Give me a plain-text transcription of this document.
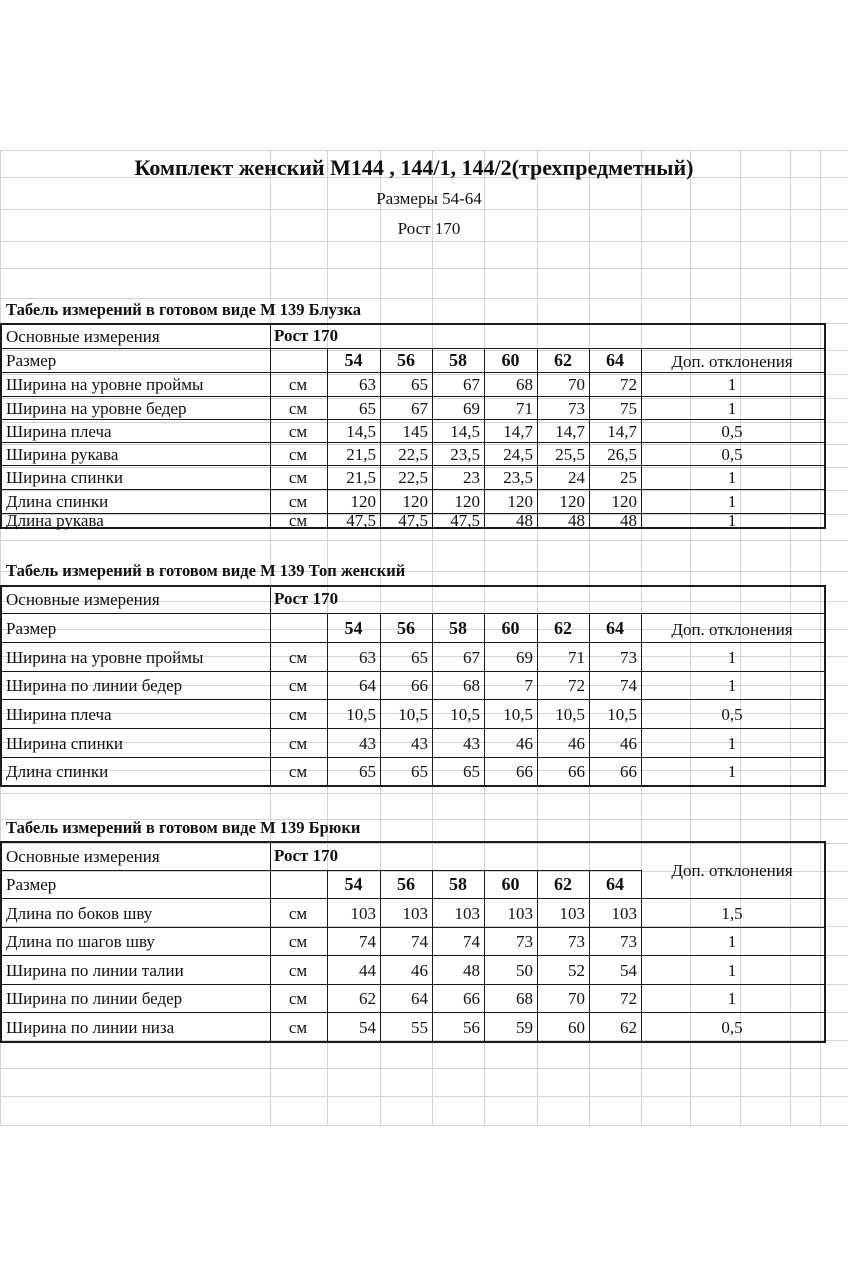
Комплект женский М144 , 144/1, 144/2(трехпредметный)
Размеры 54-64
Рост 170
Табель измерений в готовом виде М 139 Блузка
Основные измерения	Рост 170
Размер	54 56 58 60 62 64	Доп. отклонения
Ширина на уровне проймы	см	63 65 67 68 70 72	1
Ширина на уровне бедер	см	65 67 69 71 73 75	1
Ширина плеча	см 14,5 145 14,5 14,7 14,7 14,7	0,5
Ширина рукава	см 21,5 22,5 23,5 24,5 25,5 26,5	0,5
Ширина спинки	см 21,5 22,5 23 23,5 24 25	1
Длина спинки	см	120 120 120 120 120 120	1
Длина рукава	см 47,5 47,5 47,5 48 48 48	1
Табель измерений в готовом виде М 139 Топ женский
Основные измерения	Рост 170
Размер	54 56 58 60 62 64	Доп. отклонения
Ширина на уровне проймы	см	63 65 67 69 71 73	1
Ширина по линии бедер	см	64 66 68	7 72 74	1
Ширина плеча	см 10,5 10,5 10,5 10,5 10,5 10,5	0,5
Ширина спинки	см	43 43 43 46 46 46	1
Длина спинки	см	65 65 65 66 66 66	1
Табель измерений в готовом виде М 139 Брюки
Основные измерения	Рост 170
Размер	54 56 58 60 62 64
Доп. отклонения
Длина по боков шву	см	103 103 103 103 103 103	1,5
Длина по шагов шву	см	74 74 74 73 73 73	1
Ширина по линии талии	см	44 46 48 50 52 54	1
Ширина по линии бедер	см	62 64 66 68 70 72	1
Ширина по линии низа	см	54 55 56 59 60 62	0,5
